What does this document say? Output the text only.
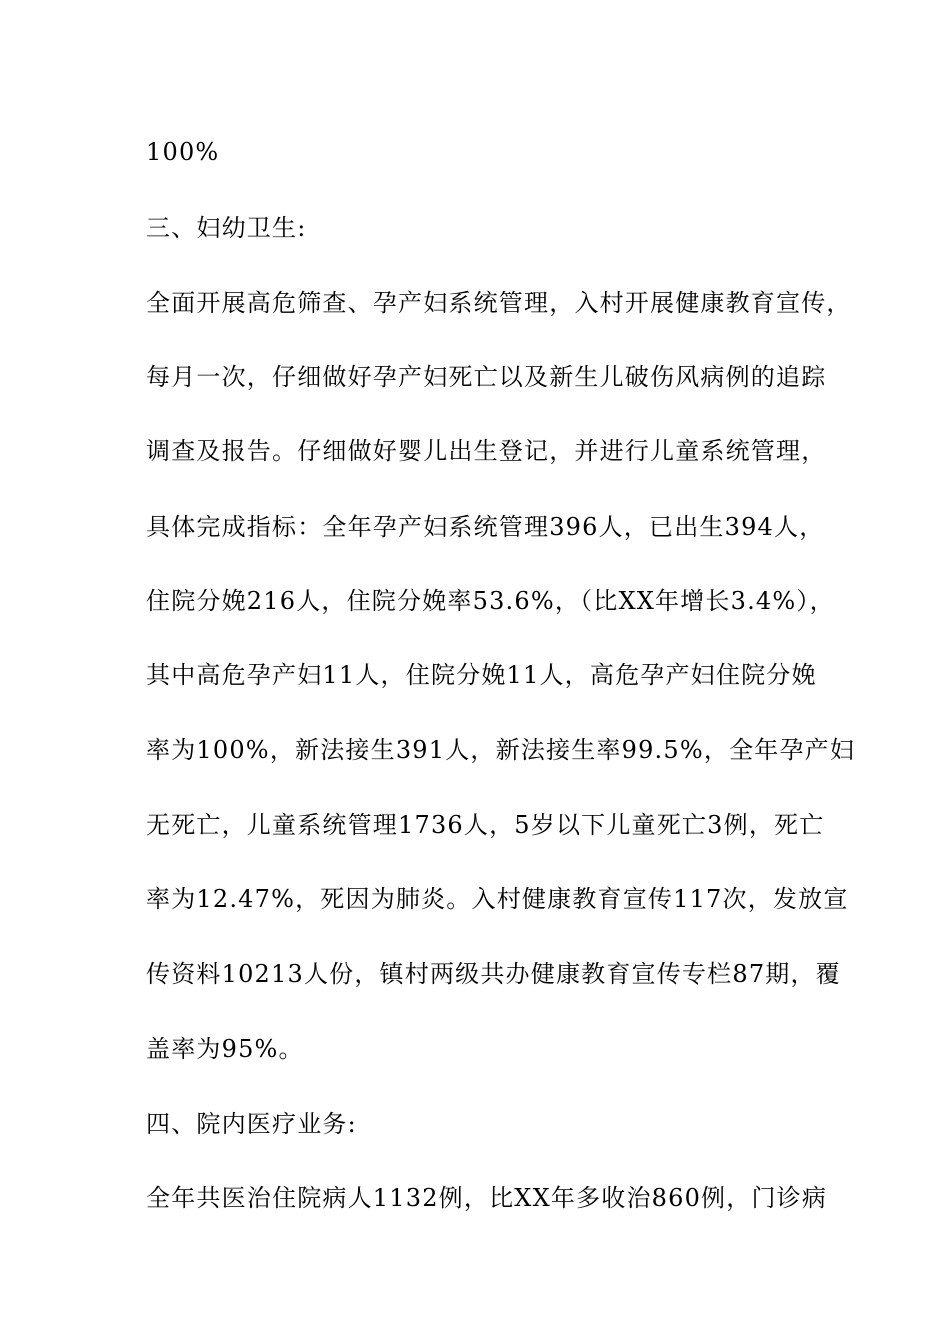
100%
三、妇幼卫生:
全面开展高危筛查、孕产妇系统管理，入村开展健康教育宣传，
每月一次，仔细做好孕产妇死亡以及新生儿破伤风病例的追踪
调查及报告。仔细做好婴儿出生登记，并进行儿童系统管理，
具体完成指标：全年孕产妇系统管理396人，已出生394人，
住院分娩216人，住院分娩率53.6%，（比XX年增长3.4%），
其中高危孕产妇11人，住院分娩11人，高危孕产妇住院分娩
率为100%，新法接生391人，新法接生率99.5%，全年孕产妇
无死亡，儿童系统管理1736人，5岁以下儿童死亡3例，死亡
率为12.47%，死因为肺炎。入村健康教育宣传117次，发放宣
传资料10213人份，镇村两级共办健康教育宣传专栏87期，覆
盖率为95%。
四、院内医疗业务:
全年共医治住院病人1132例，比XX年多收治860例，门诊病
